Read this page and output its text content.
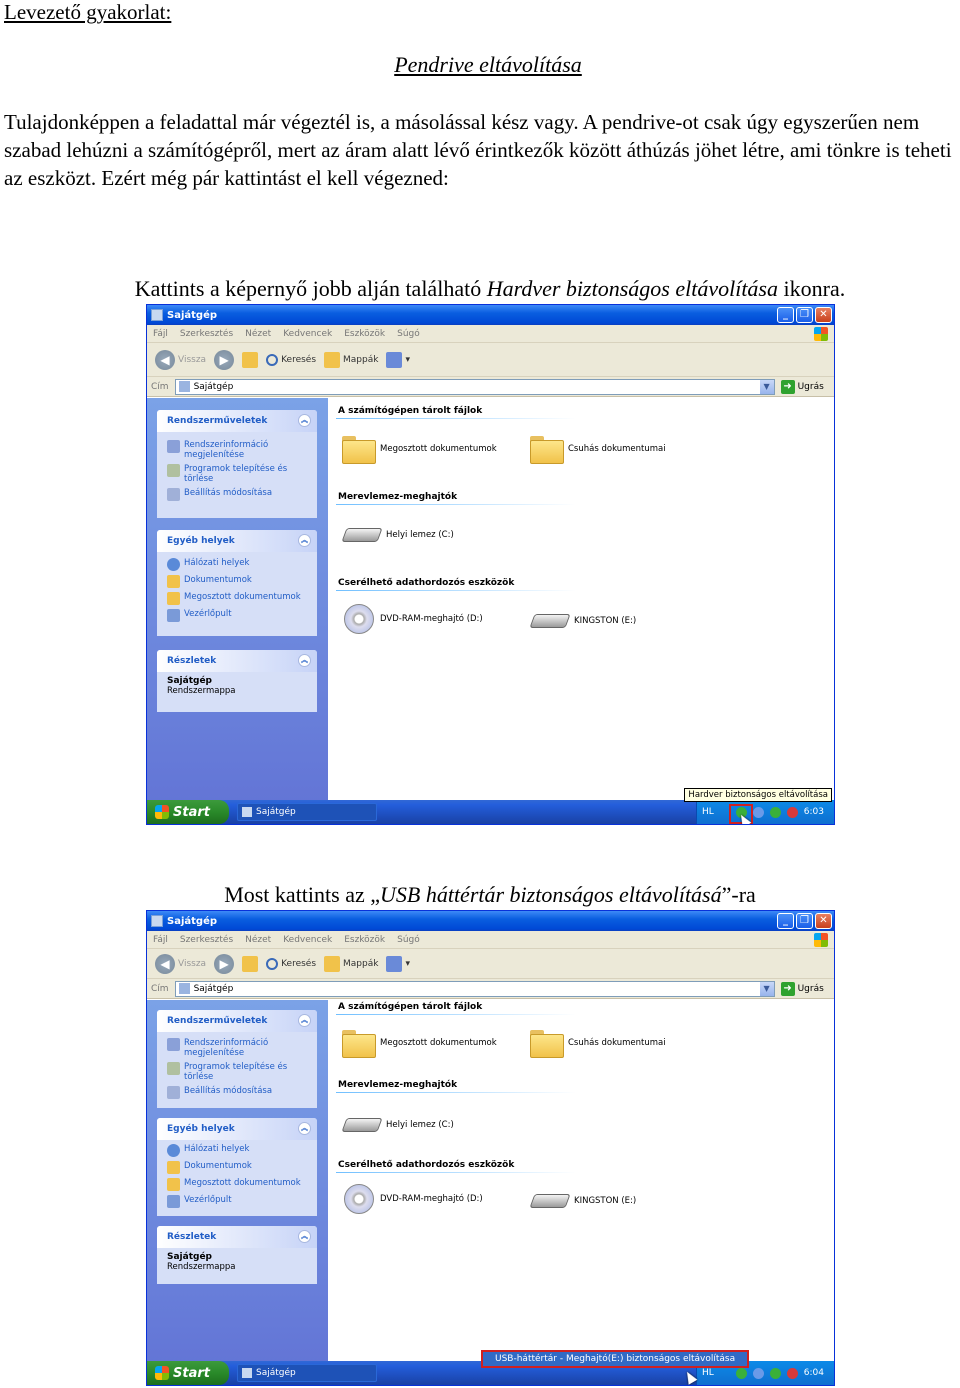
Levezető gyakorlat:
Pendrive eltávolítása
Tulajdonképpen a feladattal már végeztél is, a másolással kész vagy. A pendrive-ot csak úgy egyszerűen nem szabad lehúzni a számítógépről, mert az áram alatt lévő érintkezők között áthúzás jöhet létre, ami tönkre is teheti az eszközt. Ezért még pár kattintást el kell végezned:
Kattints a képernyő jobb alján található Hardver biztonságos eltávolítása ikonra.
Sajátgép	_	❐	✕
Fájl Szerkesztés Nézet Kedvencek Eszközök Súgó
◀ Vissza	▶	Keresés	Mappák	▾
Cím	Sajátgép	▼	➜ Ugrás
Rendszerműveletek	︽
Rendszerinformáció megjelenítése
Programok telepítése és törlése
Beállítás módosítása
Egyéb helyek	︽
Hálózati helyek
Dokumentumok
Megosztott dokumentumok
Vezérlőpult
Részletek	︽
Sajátgép
Rendszermappa
A számítógépen tárolt fájlok
Megosztott dokumentumok	Csuhás dokumentumai
Merevlemez-meghajtók
Helyi lemez (C:)
Cserélhető adathordozós eszközök
DVD-RAM-meghajtó (D:)	KINGSTON (E:)
Start	Sajátgép	HL	6:03
Hardver biztonságos eltávolítása
Most kattints az „USB háttértár biztonságos eltávolításá”-ra
Sajátgép	_	❐	✕
Fájl Szerkesztés Nézet Kedvencek Eszközök Súgó
◀ Vissza	▶	Keresés	Mappák	▾
Cím	Sajátgép	▼	➜ Ugrás
Rendszerműveletek	︽
Rendszerinformáció megjelenítése
Programok telepítése és törlése
Beállítás módosítása
Egyéb helyek	︽
Hálózati helyek
Dokumentumok
Megosztott dokumentumok
Vezérlőpult
Részletek	︽
Sajátgép
Rendszermappa
A számítógépen tárolt fájlok
Megosztott dokumentumok	Csuhás dokumentumai
Merevlemez-meghajtók
Helyi lemez (C:)
Cserélhető adathordozós eszközök
DVD-RAM-meghajtó (D:)	KINGSTON (E:)
Start	Sajátgép	HL	6:04
USB-háttértár - Meghajtó(E:) biztonságos eltávolítása
